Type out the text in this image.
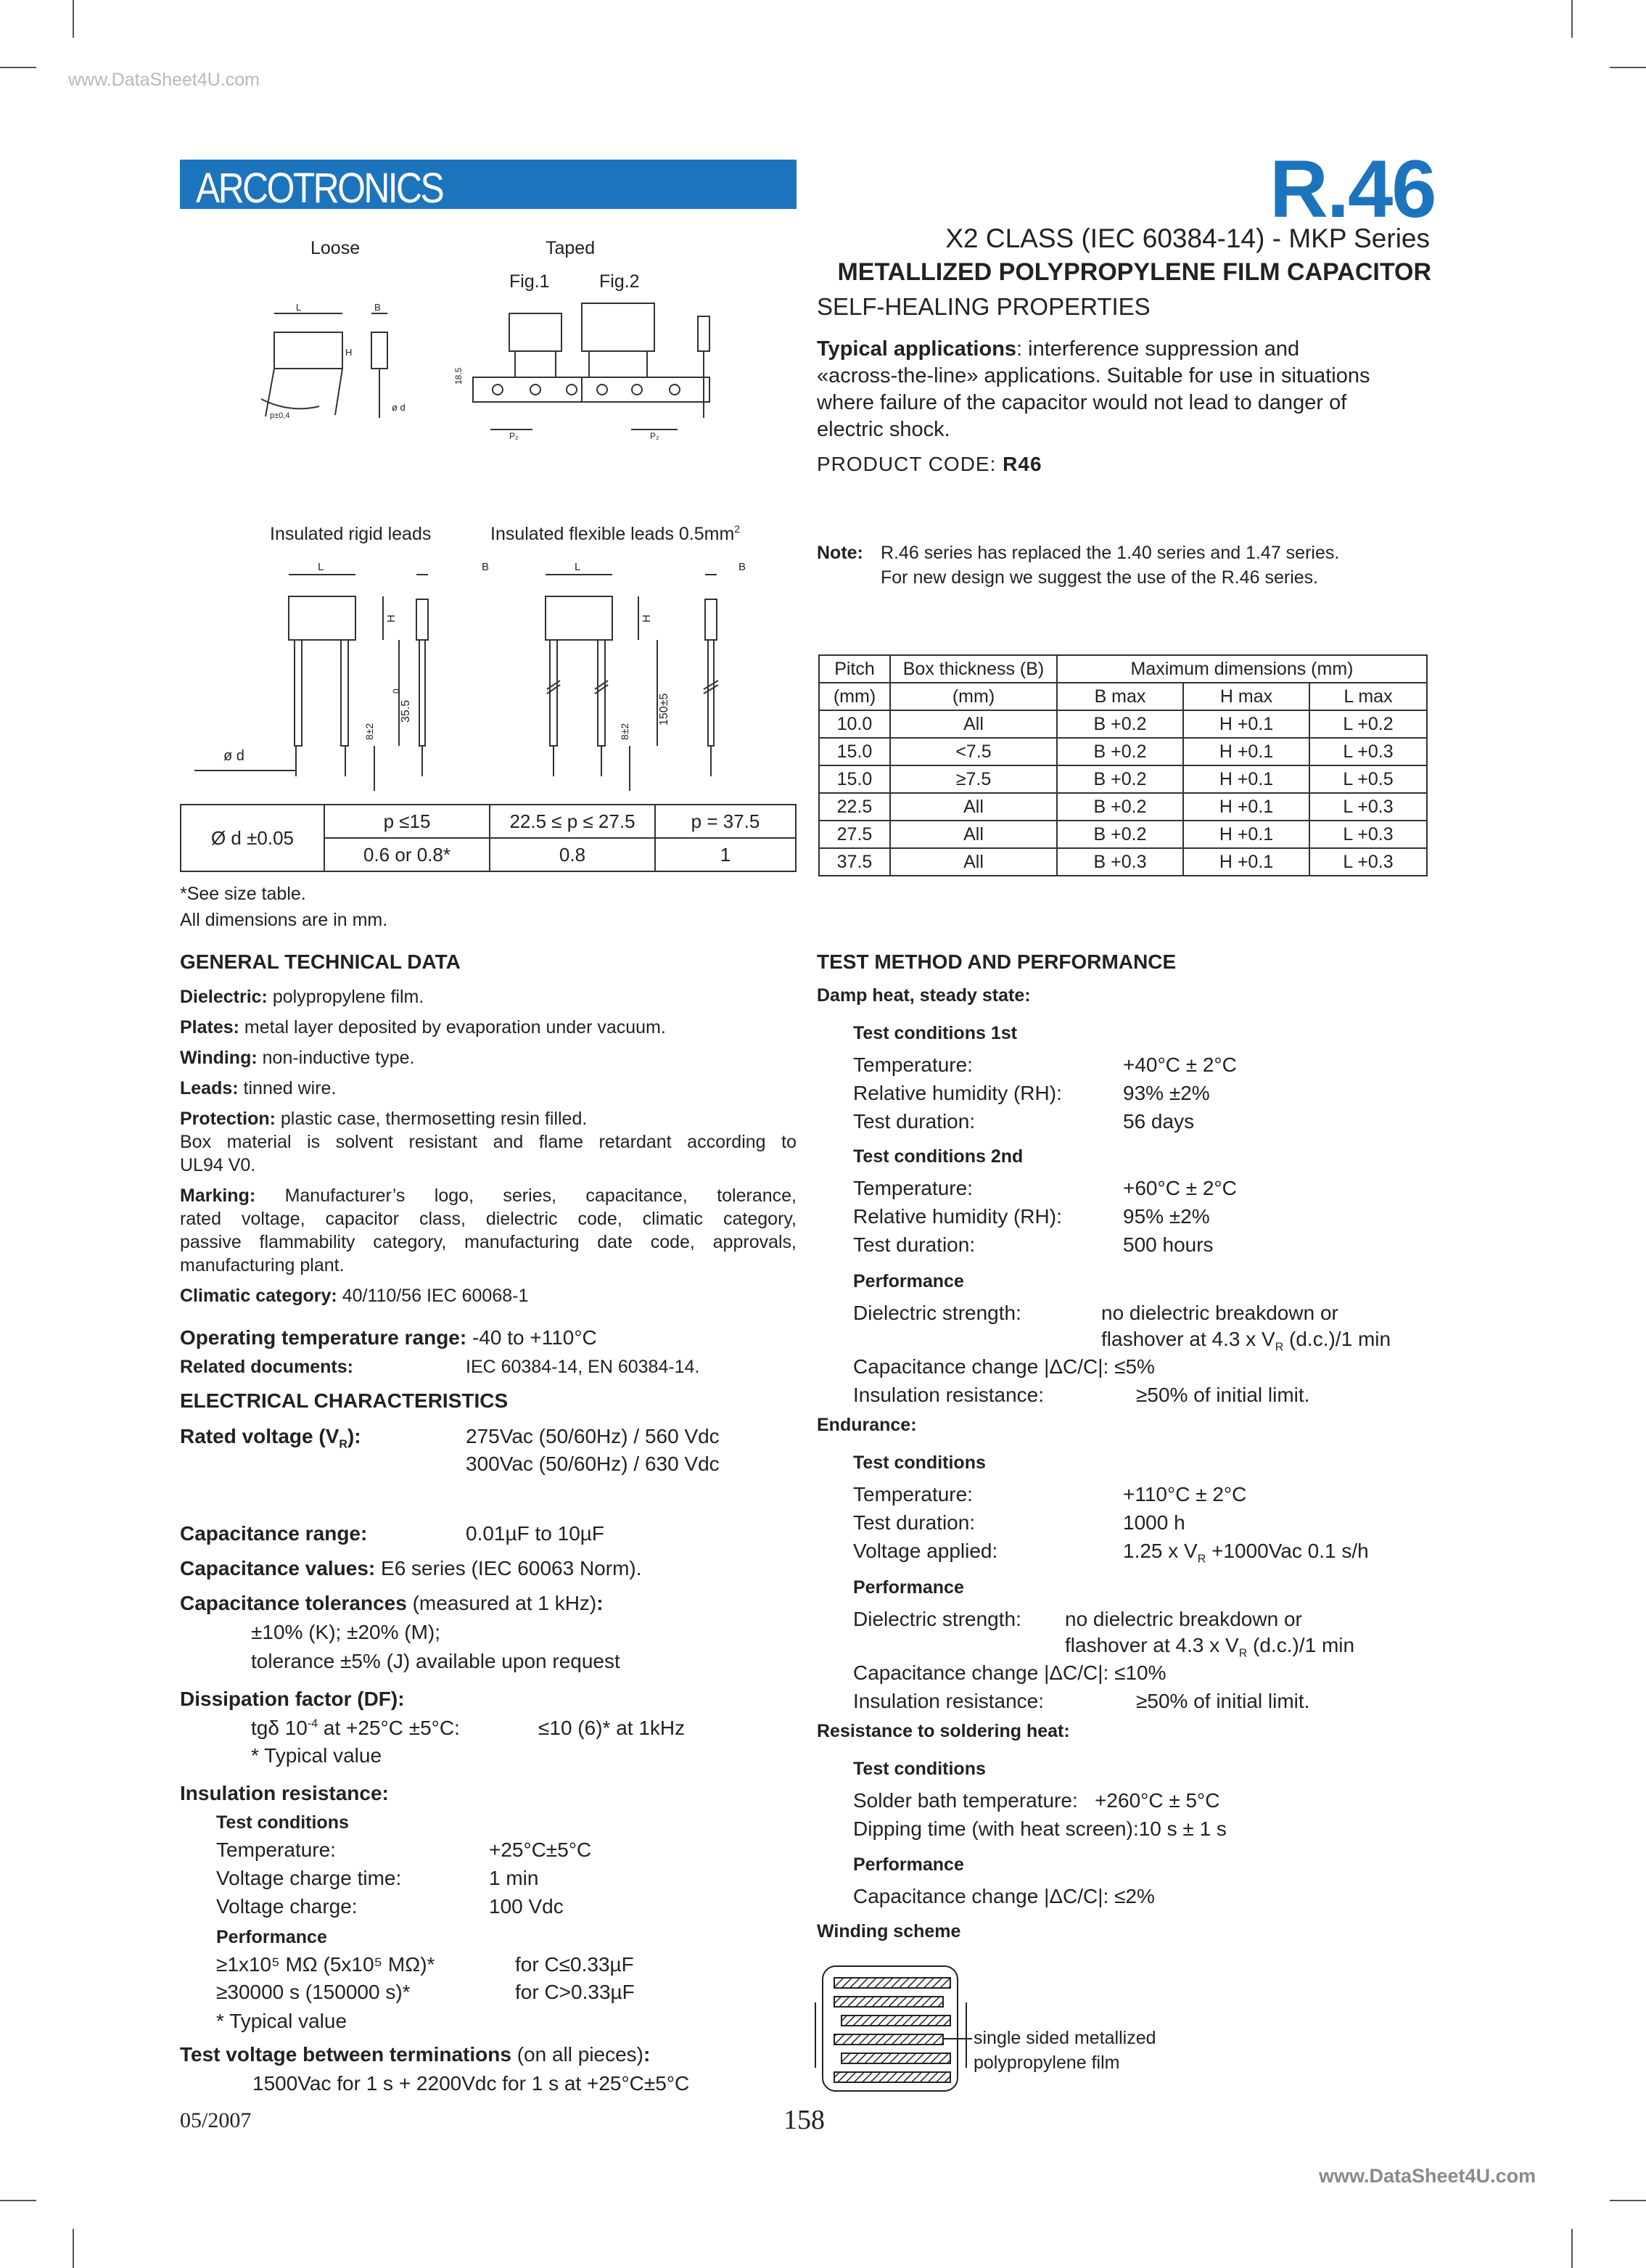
www.DataSheet4U.com
ARCOTRONICS	R.46
X2 CLASS (IEC 60384-14) - MKP Series
METALLIZED POLYPROPYLENE FILM CAPACITOR
SELF-HEALING PROPERTIES
Typical applications: interference suppression and
«across-the-line» applications. Suitable for use in situations
where failure of the capacitor would not lead to danger of
electric shock.
PRODUCT CODE: R46
Note: R.46 series has replaced the 1.40 series and 1.47 series.
For new design we suggest the use of the R.46 series.
Loose	Taped
Fig.1	Fig.2
L
p±0,4
H
B
ø d
P₂
18.5
P₂
Insulated rigid leads	Insulated flexible leads $0.5mm^2$
L
ø d
H
8±2
35.5
0
B	L
H
8±2
150±5
B
Pitch	Box thickness (B)	Maximum dimensions (mm)		
(mm)	(mm)	B max	H max	L max
10.0	All	B +0.2	H +0.1	L +0.2
15.0	<7.5	B +0.2	H +0.1	L +0.3
15.0	≥7.5	B +0.2	H +0.1	L +0.5
22.5	All	B +0.2	H +0.1	L +0.3
27.5	All	B +0.2	H +0.1	L +0.3
37.5	All	B +0.3	H +0.1	L +0.3
Ø d ±0.05	p ≤15	22.5 ≤ p ≤ 27.5	p = 37.5
	0.6 or 0.8*	0.8	1
*See size table.
All dimensions are in mm.
GENERAL TECHNICAL DATA
Dielectric: polypropylene film.
Plates: metal layer deposited by evaporation under vacuum.
Winding: non-inductive type.
Leads: tinned wire.
Protection: plastic case, thermosetting resin filled.
Box material is solvent resistant and flame retardant according to
UL94 V0.
Marking: Manufacturer’s logo, series, capacitance, tolerance,
rated voltage, capacitor class, dielectric code, climatic category,
passive flammability category, manufacturing date code, approvals,
manufacturing plant.
Climatic category: 40/110/56 IEC 60068-1
Operating temperature range: -40 to +110°C
Related documents:	IEC 60384-14, EN 60384-14.
ELECTRICAL CHARACTERISTICS
Rated voltage $(V_R)$:	275Vac (50/60Hz) / 560 Vdc
300Vac (50/60Hz) / 630 Vdc
Capacitance range:	0.01µF to 10µF
Capacitance values: E6 series (IEC 60063 Norm).
Capacitance tolerances (measured at 1 kHz):
±10% (K); ±20% (M);
tolerance ±5% (J) available upon request
Dissipation factor (DF):
tgδ $10^{-4}$ at +25°C ±5°C:	≤10 (6)* at 1kHz
* Typical value
Insulation resistance:
Test conditions
Temperature:	+25°C±5°C
Voltage charge time:	1 min
Voltage charge:	100 Vdc
Performance
≥1x10⁵ MΩ (5x10⁵ MΩ)*	for C≤0.33µF
≥30000 s (150000 s)*	for C>0.33µF
* Typical value
Test voltage between terminations (on all pieces):
1500Vac for 1 s + 2200Vdc for 1 s at +25°C±5°C
TEST METHOD AND PERFORMANCE
Damp heat, steady state:
Test conditions 1st
Temperature:	+40°C ± 2°C
Relative humidity (RH):	93% ±2%
Test duration:	56 days
Test conditions 2nd
Temperature:	+60°C ± 2°C
Relative humidity (RH):	95% ±2%
Test duration:	500 hours
Performance
Dielectric strength:	no dielectric breakdown or
flashover at 4.3 x $V_R$ (d.c.)/1 min
Capacitance change |ΔC/C|: ≤5%
Insulation resistance:	≥50% of initial limit.
Endurance:
Test conditions
Temperature:	+110°C ± 2°C
Test duration:	1000 h
Voltage applied:	1.25 x $V_R +1000Vac$ 0.1 s/h
Performance
Dielectric strength: no dielectric breakdown or
flashover at 4.3 x $V_R$ (d.c.)/1 min
Capacitance change |ΔC/C|: ≤10%
Insulation resistance:	≥50% of initial limit.
Resistance to soldering heat:
Test conditions
Solder bath temperature:   +260°C ± 5°C
Dipping time (with heat screen):10 s ± 1 s
Performance
Capacitance change |ΔC/C|: ≤2%
Winding scheme
single sided metallized
polypropylene film
05/2007	158
www.DataSheet4U.com
